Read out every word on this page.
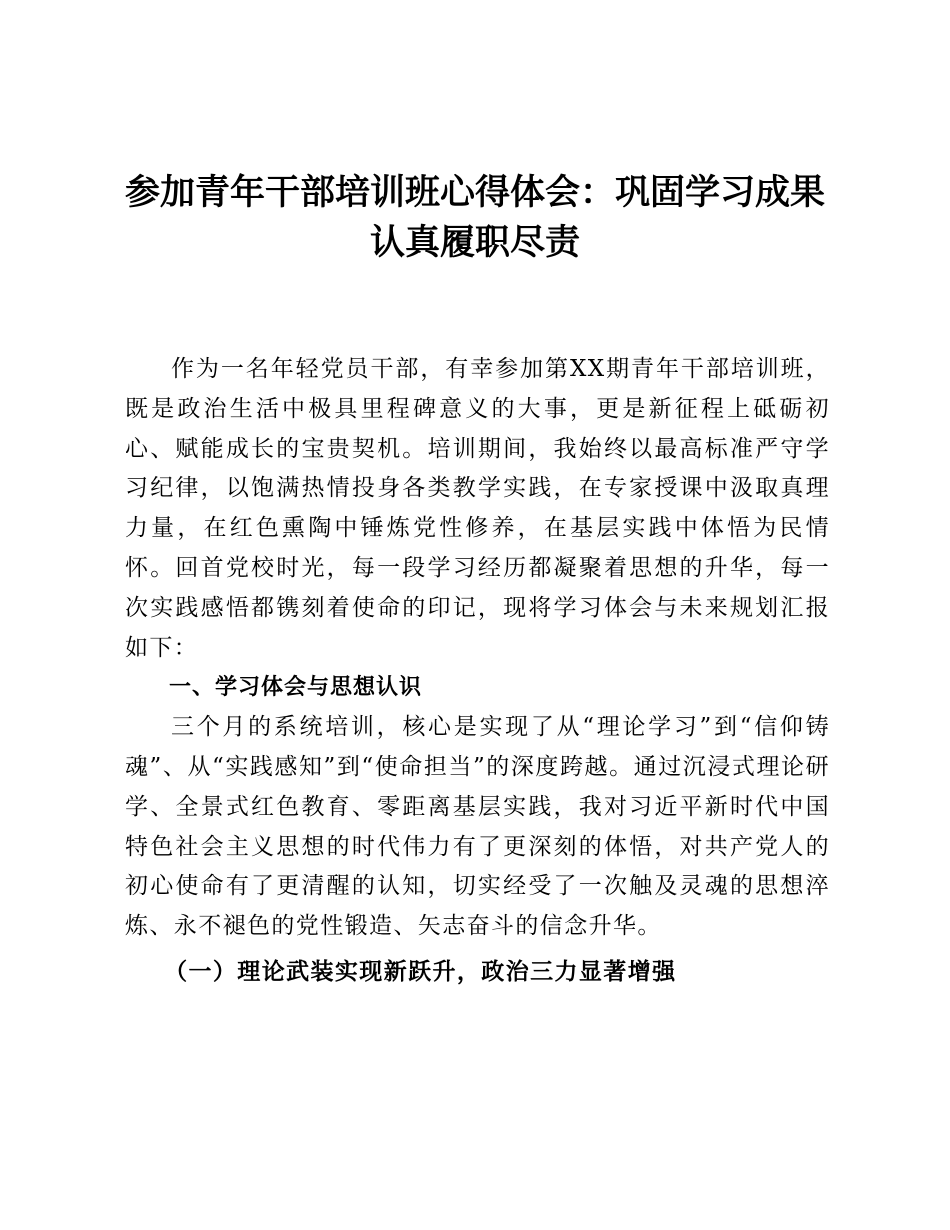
参加青年干部培训班心得体会：巩固学习成果
认真履职尽责

作为一名年轻党员干部，有幸参加第XX期青年干部培训班，既是政治生活中极具里程碑意义的大事，更是新征程上砥砺初心、赋能成长的宝贵契机。培训期间，我始终以最高标准严守学习纪律，以饱满热情投身各类教学实践，在专家授课中汲取真理力量，在红色熏陶中锤炼党性修养，在基层实践中体悟为民情怀。回首党校时光，每一段学习经历都凝聚着思想的升华，每一次实践感悟都镌刻着使命的印记，现将学习体会与未来规划汇报如下：

一、学习体会与思想认识

三个月的系统培训，核心是实现了从“理论学习”到“信仰铸魂”、从“实践感知”到“使命担当”的深度跨越。通过沉浸式理论研学、全景式红色教育、零距离基层实践，我对习近平新时代中国特色社会主义思想的时代伟力有了更深刻的体悟，对共产党人的初心使命有了更清醒的认知，切实经受了一次触及灵魂的思想淬炼、永不褪色的党性锻造、矢志奋斗的信念升华。

（一）理论武装实现新跃升，政治三力显著增强
